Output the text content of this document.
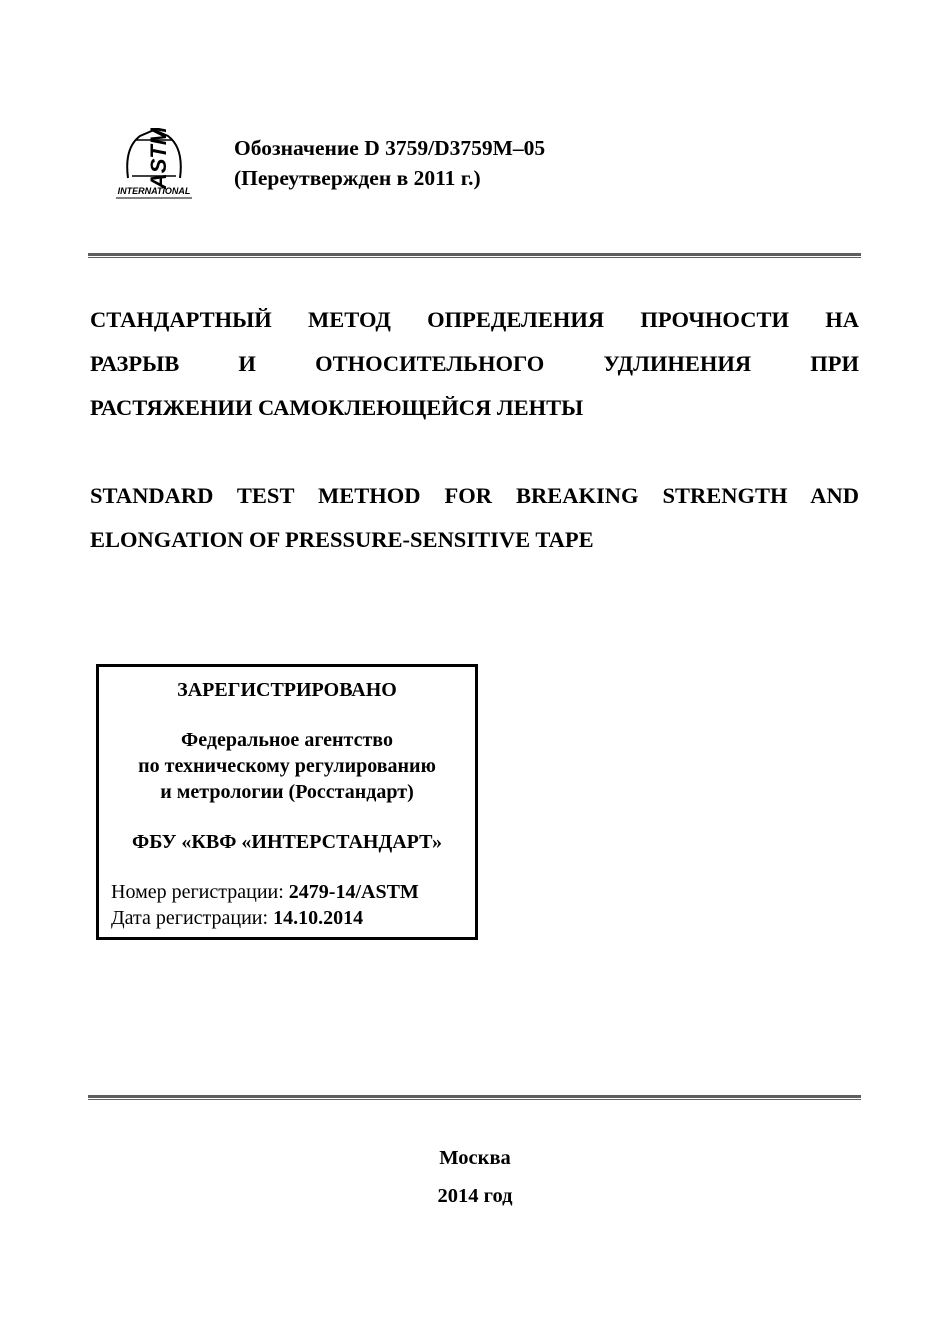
ASTM
INTERNATIONAL
Обозначение D 3759/D3759M–05
(Переутвержден в 2011 г.)
СТАНДАРТНЫЙ МЕТОД ОПРЕДЕЛЕНИЯ ПРОЧНОСТИ НА
РАЗРЫВ И ОТНОСИТЕЛЬНОГО УДЛИНЕНИЯ ПРИ
РАСТЯЖЕНИИ САМОКЛЕЮЩЕЙСЯ ЛЕНТЫ
STANDARD TEST METHOD FOR BREAKING STRENGTH AND
ELONGATION OF PRESSURE-SENSITIVE TAPE
ЗАРЕГИСТРИРОВАНО
Федеральное агентство
по техническому регулированию
и метрологии (Росстандарт)
ФБУ «КВФ «ИНТЕРСТАНДАРТ»
Номер регистрации: 2479-14/ASTM
Дата регистрации: 14.10.2014
Москва
2014 год
